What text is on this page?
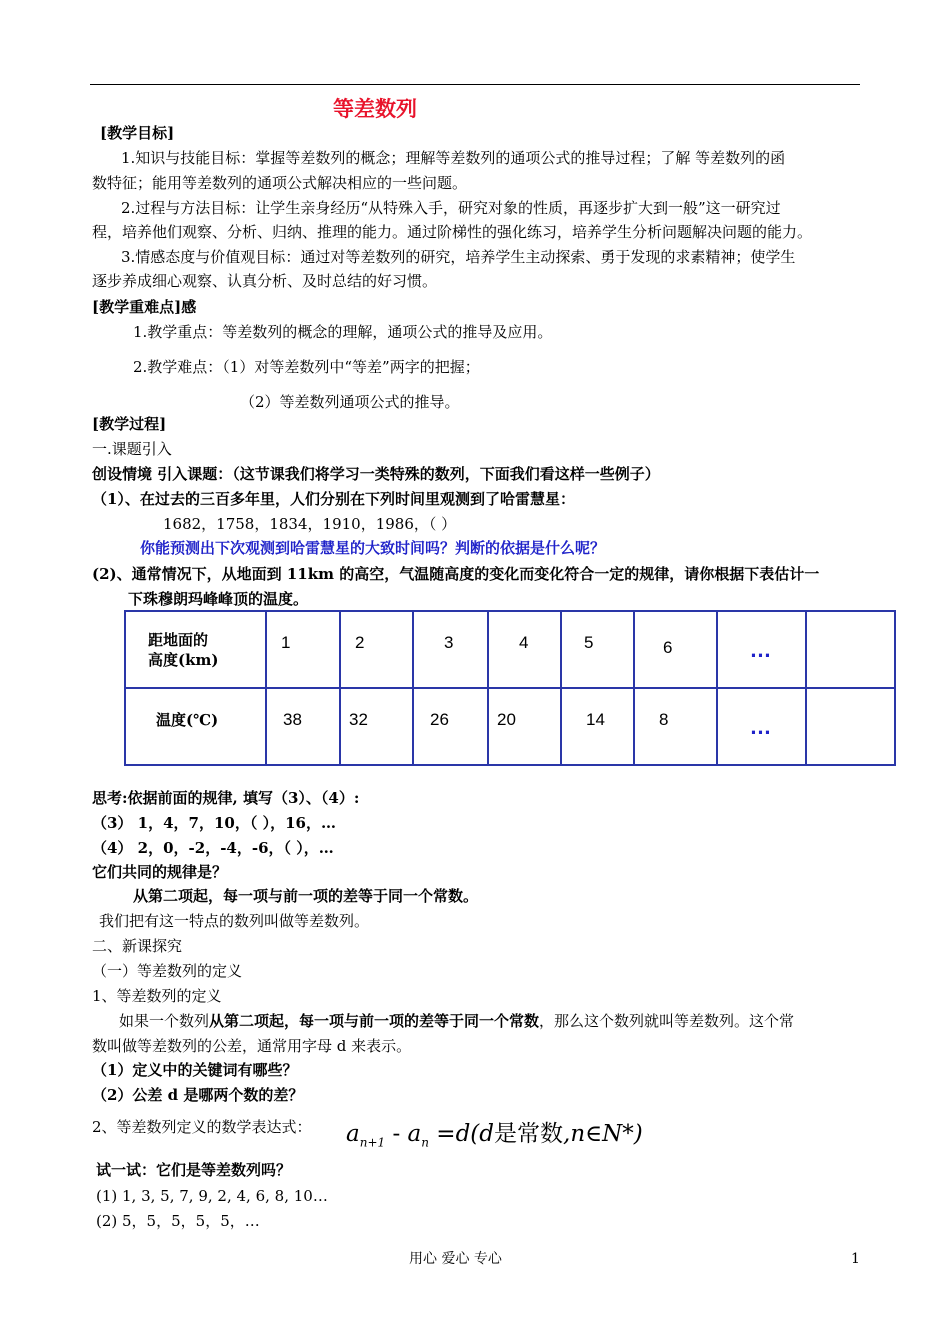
等差数列
[教学目标]
1.知识与技能目标：掌握等差数列的概念；理解等差数列的通项公式的推导过程；了解 等差数列的函
数特征；能用等差数列的通项公式解决相应的一些问题。
2.过程与方法目标：让学生亲身经历“从特殊入手，研究对象的性质，再逐步扩大到一般”这一研究过
程，培养他们观察、分析、归纳、推理的能力。通过阶梯性的强化练习，培养学生分析问题解决问题的能力。
3.情感态度与价值观目标：通过对等差数列的研究，培养学生主动探索、勇于发现的求素精神；使学生
逐步养成细心观察、认真分析、及时总结的好习惯。
[教学重难点]感
1.教学重点：等差数列的概念的理解，通项公式的推导及应用。
2.教学难点：（1）对等差数列中“等差”两字的把握；
（2）等差数列通项公式的推导。
[教学过程]
一.课题引入
创设情境 引入课题：（这节课我们将学习一类特殊的数列，下面我们看这样一些例子）
（1）、在过去的三百多年里，人们分别在下列时间里观测到了哈雷慧星：
1682，1758，1834，1910，1986，（ ）
你能预测出下次观测到哈雷慧星的大致时间吗？判断的依据是什么呢？
(2)、通常情况下，从地面到 11km 的高空，气温随高度的变化而变化符合一定的规律，请你根据下表估计一
下珠穆朗玛峰峰顶的温度。
距地面的
高度(km)	1	2	3	4	5	6	…	
温度(℃)	38	32	26	20	14	8	…	
思考:依据前面的规律, 填写（3）、（4）:
（3） 1，4，7，10，（ ），16，…
（4） 2，0，-2，-4，-6，（ ），…
它们共同的规律是？
从第二项起，每一项与前一项的差等于同一个常数。
我们把有这一特点的数列叫做等差数列。
二、新课探究
（一）等差数列的定义
1、等差数列的定义
如果一个数列从第二项起，每一项与前一项的差等于同一个常数，那么这个数列就叫等差数列。这个常
数叫做等差数列的公差，通常用字母 d 来表示。
（1）定义中的关键词有哪些？
（2）公差 d 是哪两个数的差？
2、等差数列定义的数学表达式： $a_{n+1} - a_n =d(d$是常数,n∈N*)
试一试：它们是等差数列吗？
(1) 1, 3, 5, 7, 9, 2, 4, 6, 8, 10…
(2) 5，5，5，5，5，…
用心 爱心 专心	1
